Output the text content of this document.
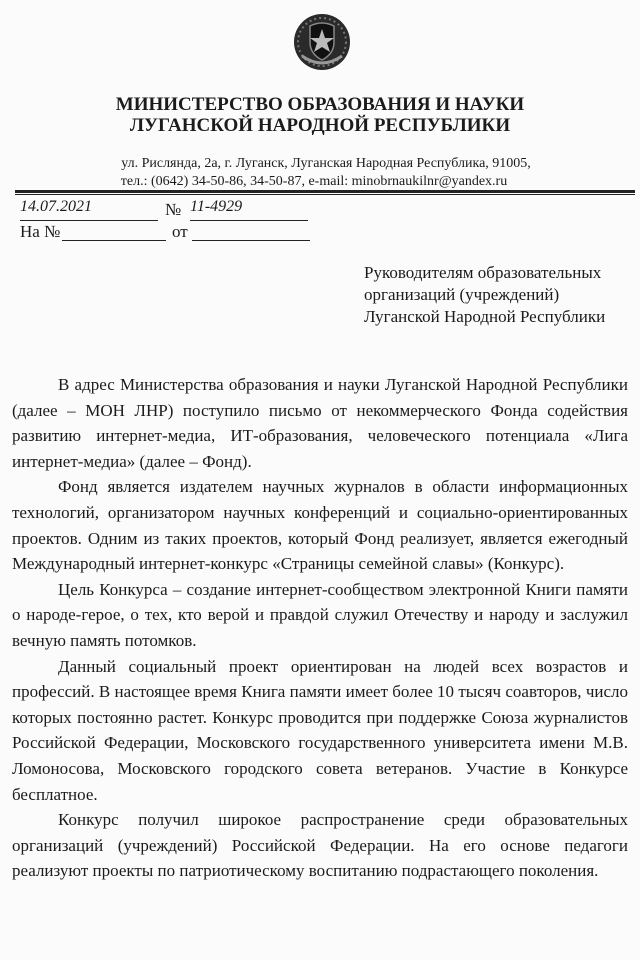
МИНИСТЕРСТВО ОБРАЗОВАНИЯ И НАУКИ
ЛУГАНСКОЙ НАРОДНОЙ РЕСПУБЛИКИ
ул. Рисляндa, 2а, г. Луганск, Луганская Народная Республика, 91005,
тел.: (0642) 34-50-86, 34-50-87, e-mail: minobrnaukilnr@yandex.ru
14.07.2021	№ 11-4929
На №	от
Руководителям образовательных
организаций (учреждений)
Луганской Народной Республики

В адрес Министерства образования и науки Луганской Народной Республики (далее – МОН ЛНР) поступило письмо от некоммерческого Фонда содействия развитию интернет-медиа, ИТ-образования, человеческого потенциала «Лига интернет-медиа» (далее – Фонд).

Фонд является издателем научных журналов в области информационных технологий, организатором научных конференций и социально-ориентированных проектов. Одним из таких проектов, который Фонд реализует, является ежегодный Международный интернет-конкурс «Страницы семейной славы» (Конкурс).

Цель Конкурса – создание интернет-сообществом электронной Книги памяти о народе-герое, о тех, кто верой и правдой служил Отечеству и народу и заслужил вечную память потомков.

Данный социальный проект ориентирован на людей всех возрастов и профессий. В настоящее время Книга памяти имеет более 10 тысяч соавторов, число которых постоянно растет. Конкурс проводится при поддержке Союза журналистов Российской Федерации, Московского государственного университета имени М.В. Ломоносова, Московского городского совета ветеранов. Участие в Конкурсе бесплатное.

Конкурс получил широкое распространение среди образовательных организаций (учреждений) Российской Федерации. На его основе педагоги реализуют проекты по патриотическому воспитанию подрастающего поколения.
